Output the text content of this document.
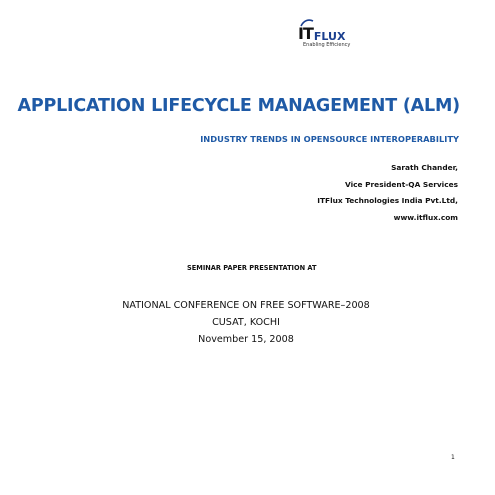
IT FLUX
Enabling Efficiency
APPLICATION LIFECYCLE MANAGEMENT (ALM)
INDUSTRY TRENDS IN OPENSOURCE INTEROPERABILITY
Sarath Chander,
Vice President-QA Services
ITFlux Technologies India Pvt.Ltd,
www.itflux.com
SEMINAR PAPER PRESENTATION AT
NATIONAL CONFERENCE ON FREE SOFTWARE–2008
CUSAT, KOCHI
November 15, 2008
1
